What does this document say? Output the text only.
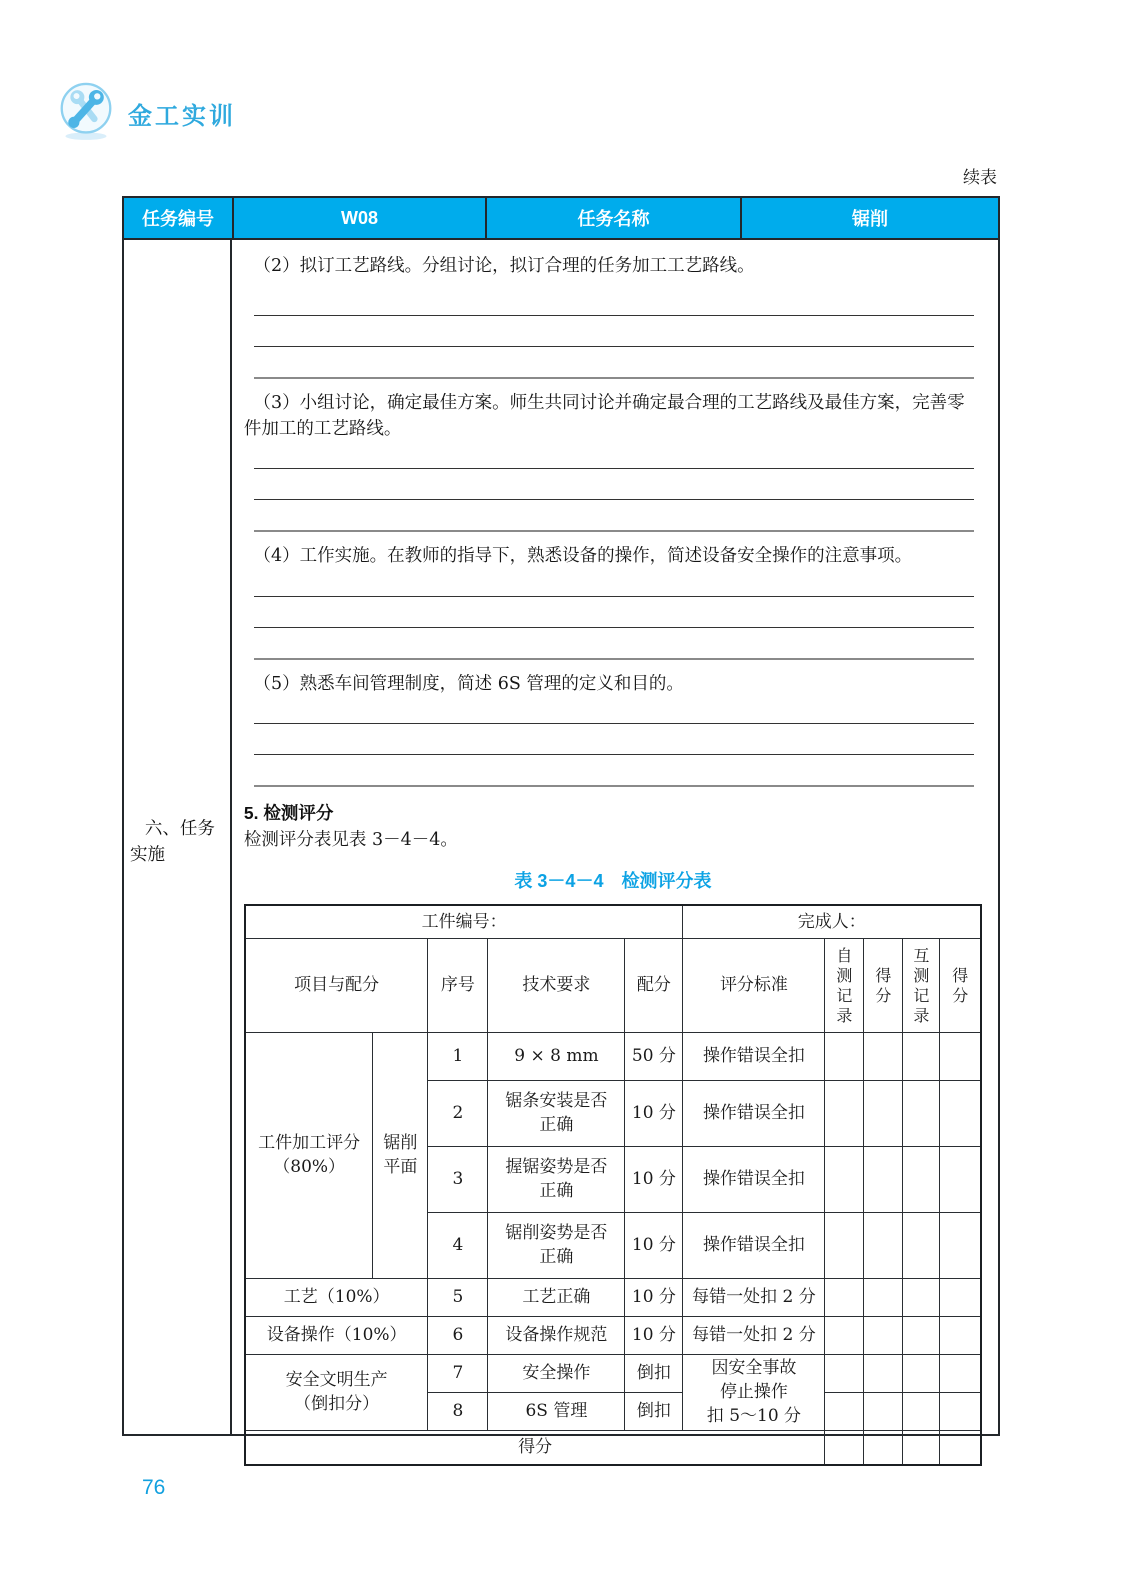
金工实训
续表
任务编号	W08	任务名称	锯削
六、任务
实施

（2）拟订工艺路线。分组讨论，拟订合理的任务加工工艺路线。

（3）小组讨论，确定最佳方案。师生共同讨论并确定最合理的工艺路线及最佳方案，完善零件加工的工艺路线。

（4）工作实施。在教师的指导下，熟悉设备的操作，简述设备安全操作的注意事项。

（5）熟悉车间管理制度，简述 6S 管理的定义和目的。

5. 检测评分

检测评分表见表 3－4－4。

表 3－4－4　检测评分表

工件编号：					完成人：				
项目与配分		序号	技术要求	配分	评分标准	自测记录	得分	互测记录	得分

工件加工评分
（80%）	锯削
平面	1	9 × 8 mm	50 分	操作错误全扣				
		2	锯条安装是否
正确	10 分	操作错误全扣				
		3	握锯姿势是否
正确	10 分	操作错误全扣				
		4	锯削姿势是否
正确	10 分	操作错误全扣				
工艺（10%）		5	工艺正确	10 分	每错一处扣 2 分				
设备操作（10%）		6	设备操作规范	10 分	每错一处扣 2 分				

安全文明生产
（倒扣分）		7	安全操作	倒扣	因安全事故
停止操作
扣 5～10 分				

		8	6S 管理	倒扣					
得分									
76
